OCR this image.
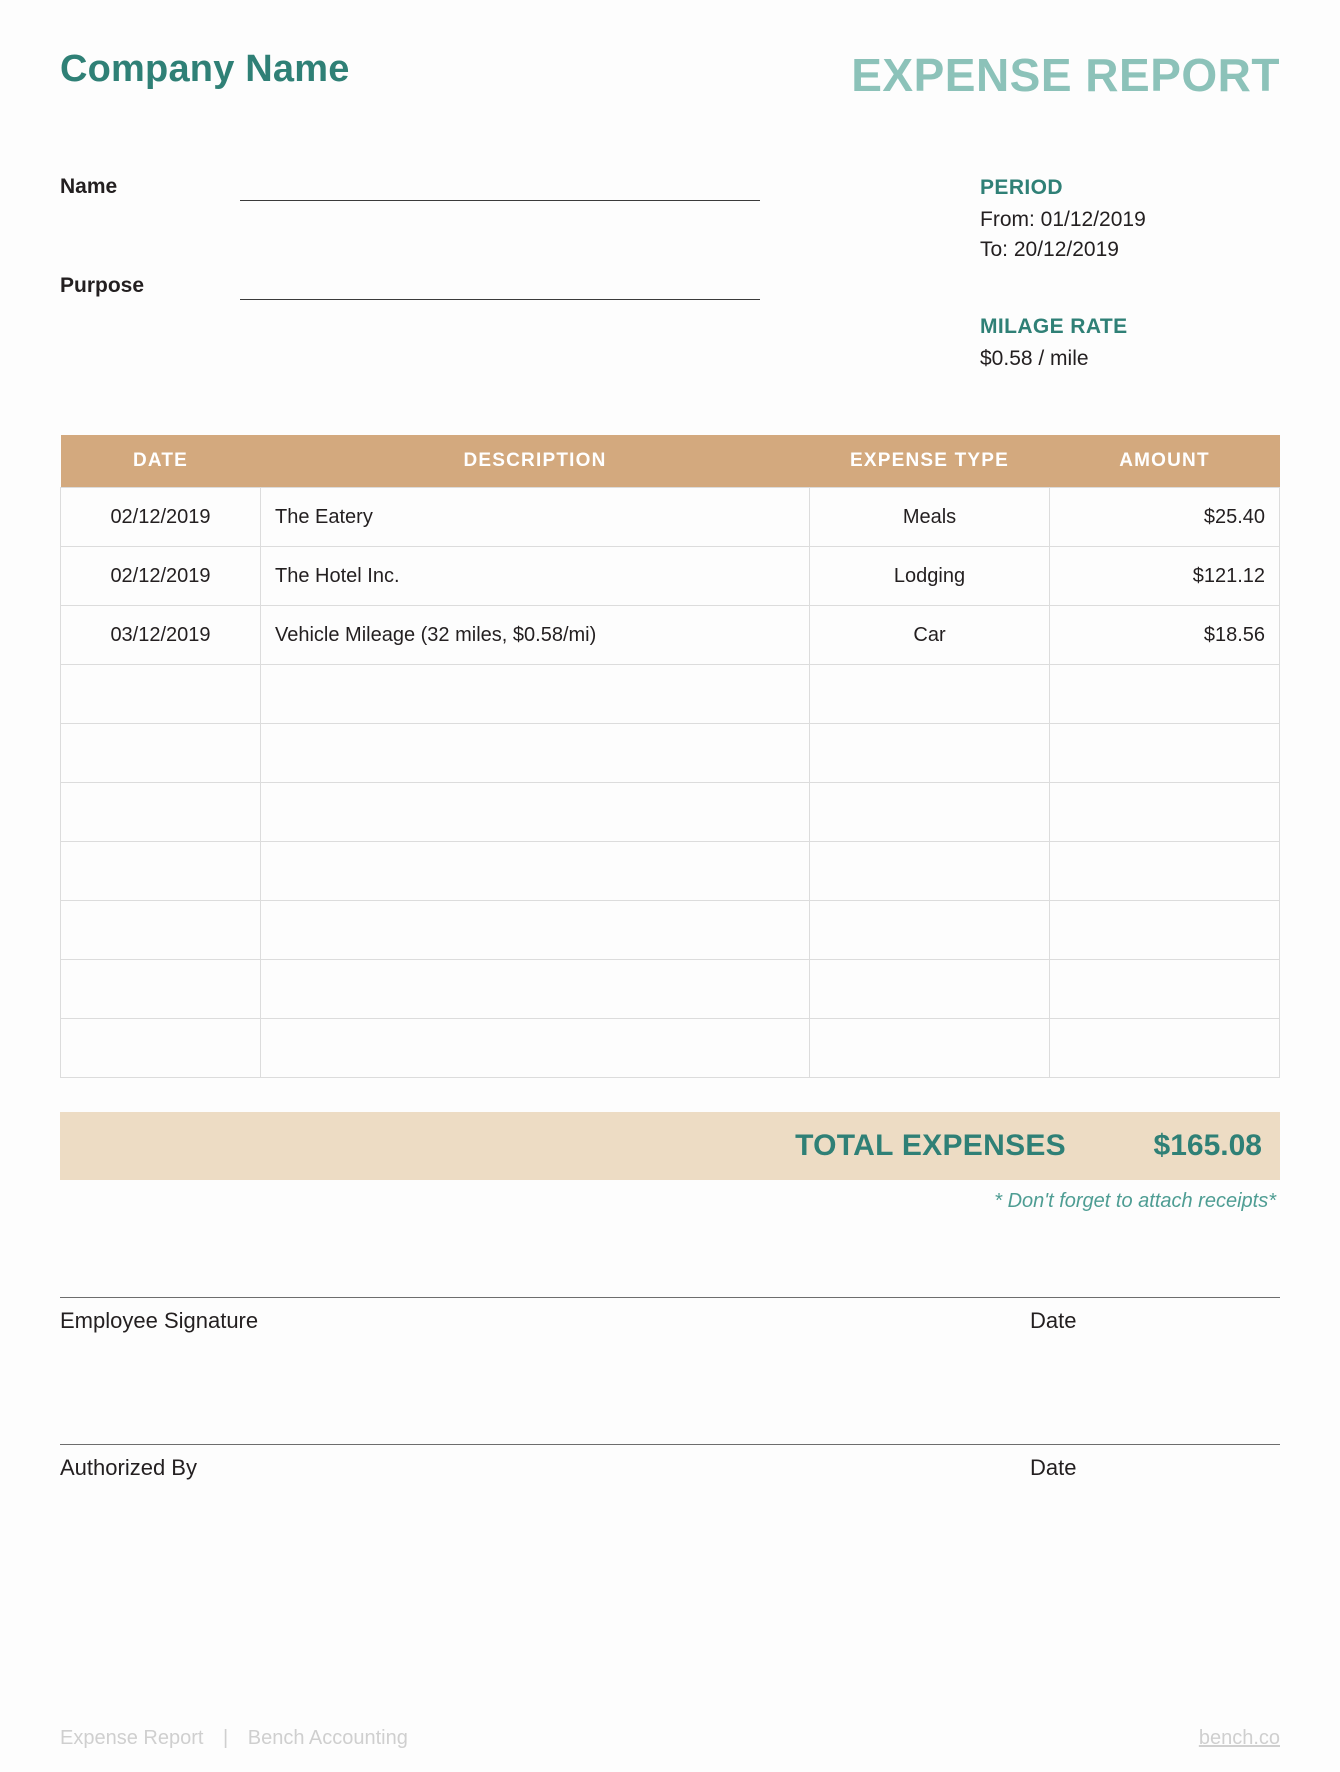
Company Name	EXPENSE REPORT
Name
Purpose
PERIOD
From: 01/12/2019
To: 20/12/2019
MILAGE RATE
$0.58 / mile
DATE	DESCRIPTION	EXPENSE TYPE	AMOUNT
02/12/2019	The Eatery	Meals	$25.40
02/12/2019	The Hotel Inc.	Lodging	$121.12
03/12/2019	Vehicle Mileage (32 miles, $0.58/mi)	Car	$18.56

TOTAL EXPENSES	$165.08
* Don't forget to attach receipts*
Employee Signature	Date
Authorized By	Date
Expense Report | Bench Accounting	bench.co
